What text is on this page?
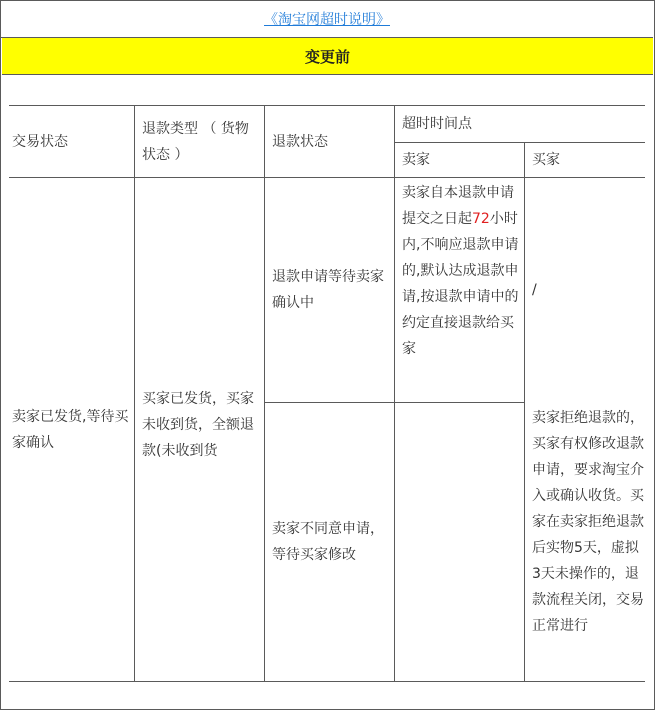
《淘宝网超时说明》
变更前
交易状态
退款类型 （ 货物状态 ）
退款状态
超时时间点
卖家	买家
卖家已发货,等待买家确认
买家已发货，买家未收到货，全额退款(未收到货
退款申请等待卖家确认中
卖家自本退款申请提交之日起72小时内,不响应退款申请的,默认达成退款申请,按退款申请中的约定直接退款给买家
/
卖家不同意申请，等待买家修改
卖家拒绝退款的，买家有权修改退款申请，要求淘宝介入或确认收货。买家在卖家拒绝退款后实物5天，虚拟3天未操作的，退款流程关闭，交易正常进行
